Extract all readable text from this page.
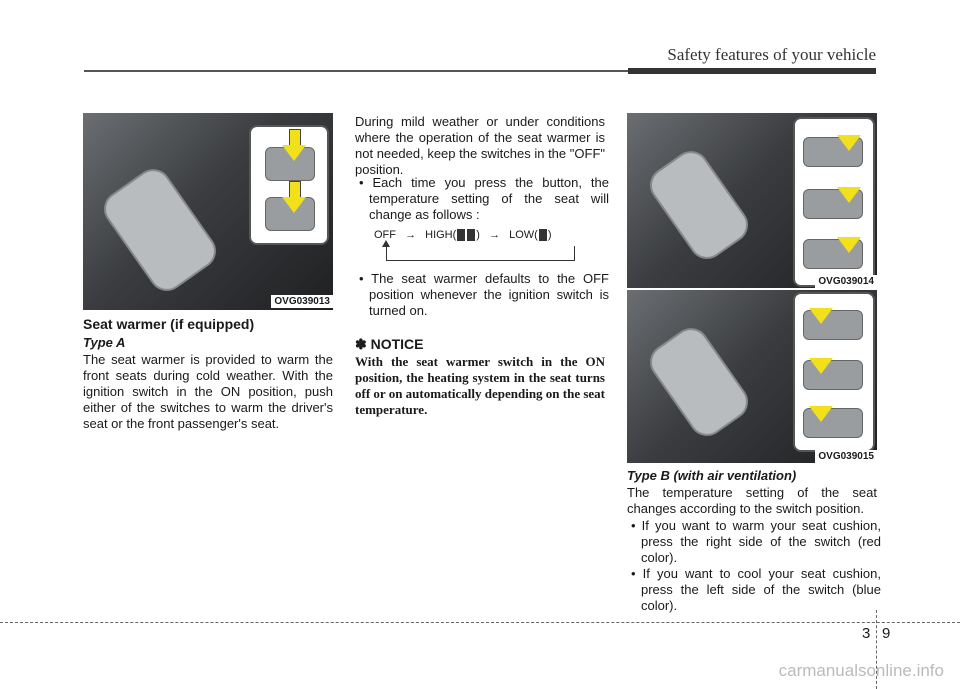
Safety features of your vehicle
OVG039013
Seat warmer (if equipped)
Type A

The seat warmer is provided to warm the front seats during cold weather. With the ignition switch in the ON position, push either of the switches to warm the driver's seat or the front passenger's seat.

During mild weather or under conditions where the operation of the seat warmer is not needed, keep the switches in the "OFF" position.

• Each time you press the button, the temperature setting of the seat will change as follows :

OFF → HIGH( ) → LOW( )

• The seat warmer defaults to the OFF position whenever the ignition switch is turned on.

✽ NOTICE

With the seat warmer switch in the ON position, the heating system in the seat turns off or on automatically depending on the seat temperature.

OVG039014
OVG039015
Type B (with air ventilation)

The temperature setting of the seat changes according to the switch position.

• If you want to warm your seat cushion, press the right side of the switch (red color).

• If you want to cool your seat cushion, press the left side of the switch (blue color).

3 9
carmanualsonline.info
